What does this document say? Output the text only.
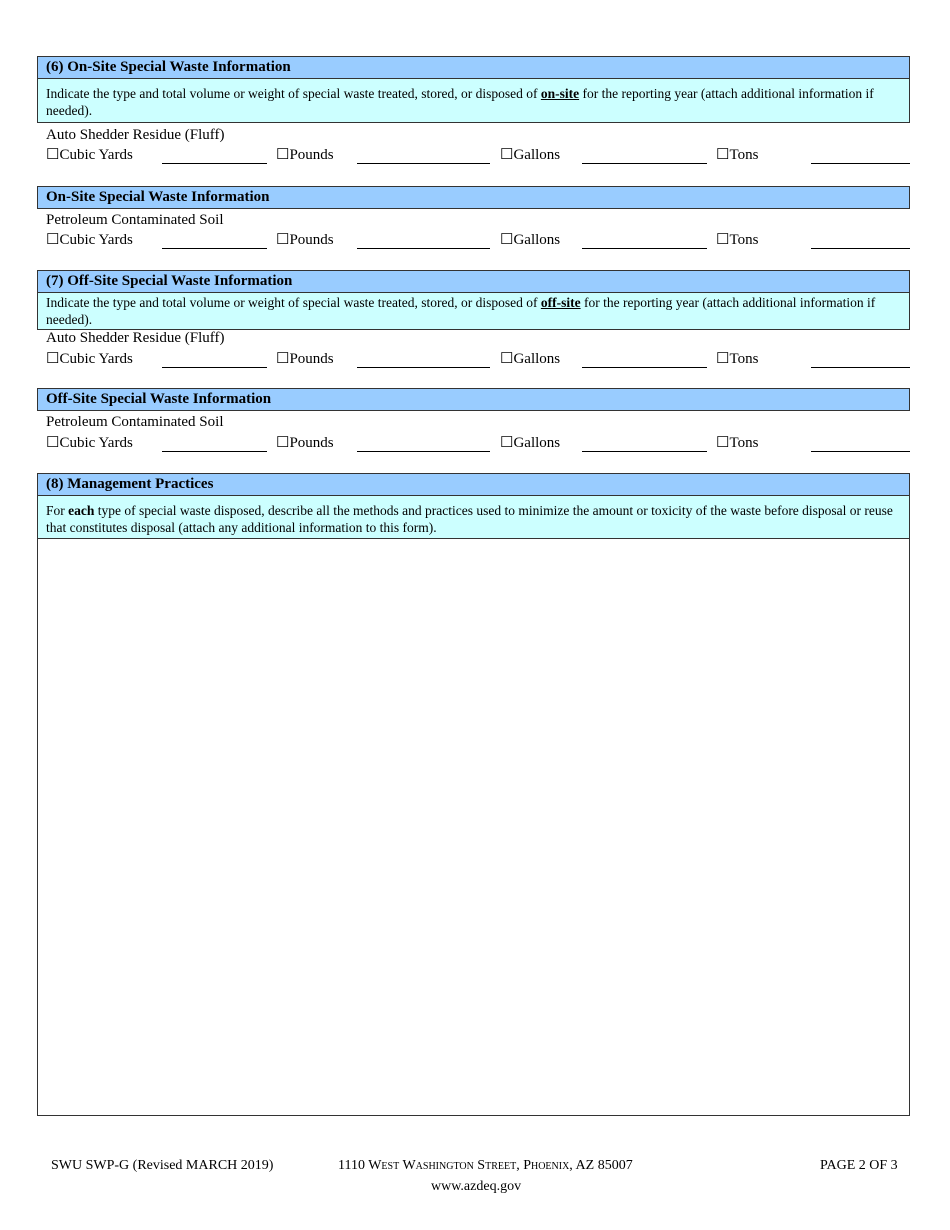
(6) On-Site Special Waste Information
Indicate the type and total volume or weight of special waste treated, stored, or disposed of on-site for the reporting year (attach additional information if needed).
Auto Shedder Residue (Fluff)
☐Cubic Yards	☐Pounds	☐Gallons	☐Tons
On-Site Special Waste Information
Petroleum Contaminated Soil
☐Cubic Yards	☐Pounds	☐Gallons	☐Tons
(7) Off-Site Special Waste Information
Indicate the type and total volume or weight of special waste treated, stored, or disposed of off-site for the reporting year (attach additional information if needed).
Auto Shedder Residue (Fluff)
☐Cubic Yards	☐Pounds	☐Gallons	☐Tons
Off-Site Special Waste Information
Petroleum Contaminated Soil
☐Cubic Yards	☐Pounds	☐Gallons	☐Tons
(8) Management Practices
For each type of special waste disposed, describe all the methods and practices used to minimize the amount or toxicity of the waste before disposal or reuse that constitutes disposal (attach any additional information to this form).
SWU SWP-G (Revised MARCH 2019)	1110 West Washington Street, Phoenix, AZ 85007	PAGE 2 OF 3
www.azdeq.gov
